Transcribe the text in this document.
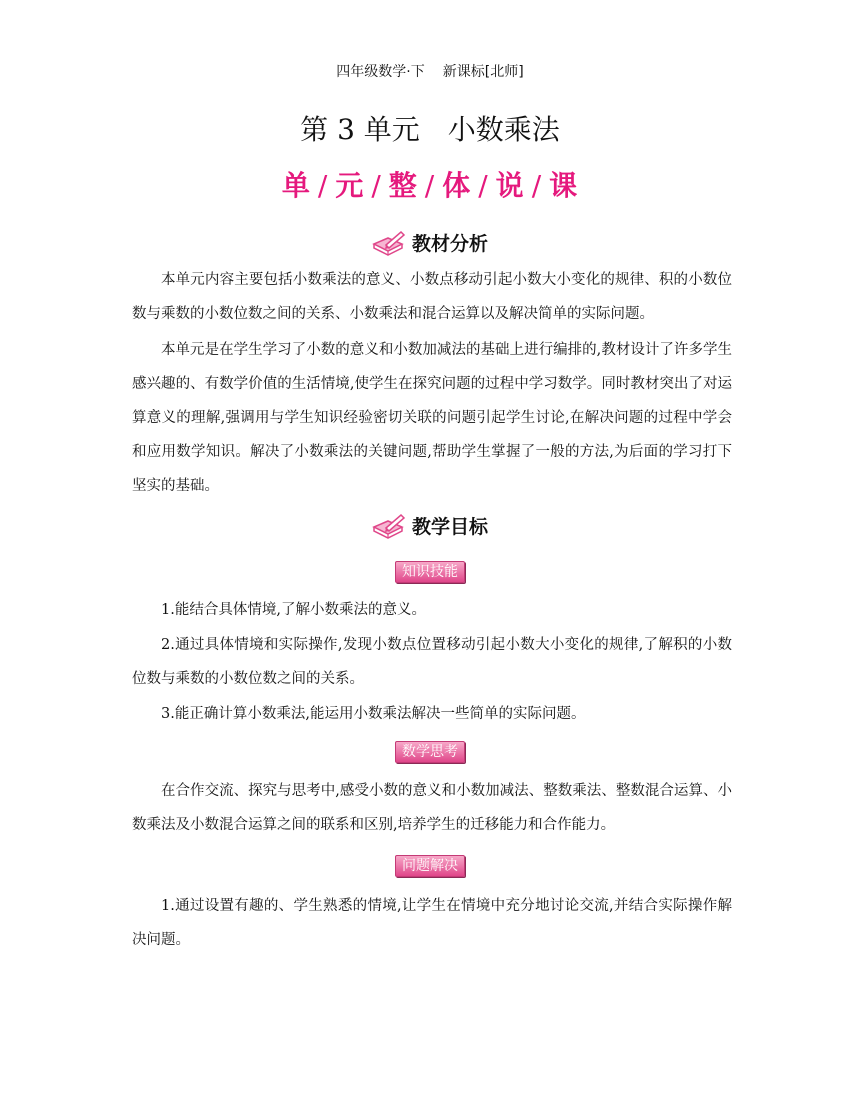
四年级数学·下 新课标[北师]
第 3 单元 小数乘法
单 / 元 / 整 / 体 / 说 / 课
教材分析

本单元内容主要包括小数乘法的意义、小数点移动引起小数大小变化的规律、积的小数位数与乘数的小数位数之间的关系、小数乘法和混合运算以及解决简单的实际问题。

本单元是在学生学习了小数的意义和小数加减法的基础上进行编排的,教材设计了许多学生感兴趣的、有数学价值的生活情境,使学生在探究问题的过程中学习数学。同时教材突出了对运算意义的理解,强调用与学生知识经验密切关联的问题引起学生讨论,在解决问题的过程中学会和应用数学知识。解决了小数乘法的关键问题,帮助学生掌握了一般的方法,为后面的学习打下坚实的基础。

教学目标
知识技能

1.能结合具体情境,了解小数乘法的意义。

2.通过具体情境和实际操作,发现小数点位置移动引起小数大小变化的规律,了解积的小数位数与乘数的小数位数之间的关系。

3.能正确计算小数乘法,能运用小数乘法解决一些简单的实际问题。

数学思考

在合作交流、探究与思考中,感受小数的意义和小数加减法、整数乘法、整数混合运算、小数乘法及小数混合运算之间的联系和区别,培养学生的迁移能力和合作能力。

问题解决

1.通过设置有趣的、学生熟悉的情境,让学生在情境中充分地讨论交流,并结合实际操作解决问题。
